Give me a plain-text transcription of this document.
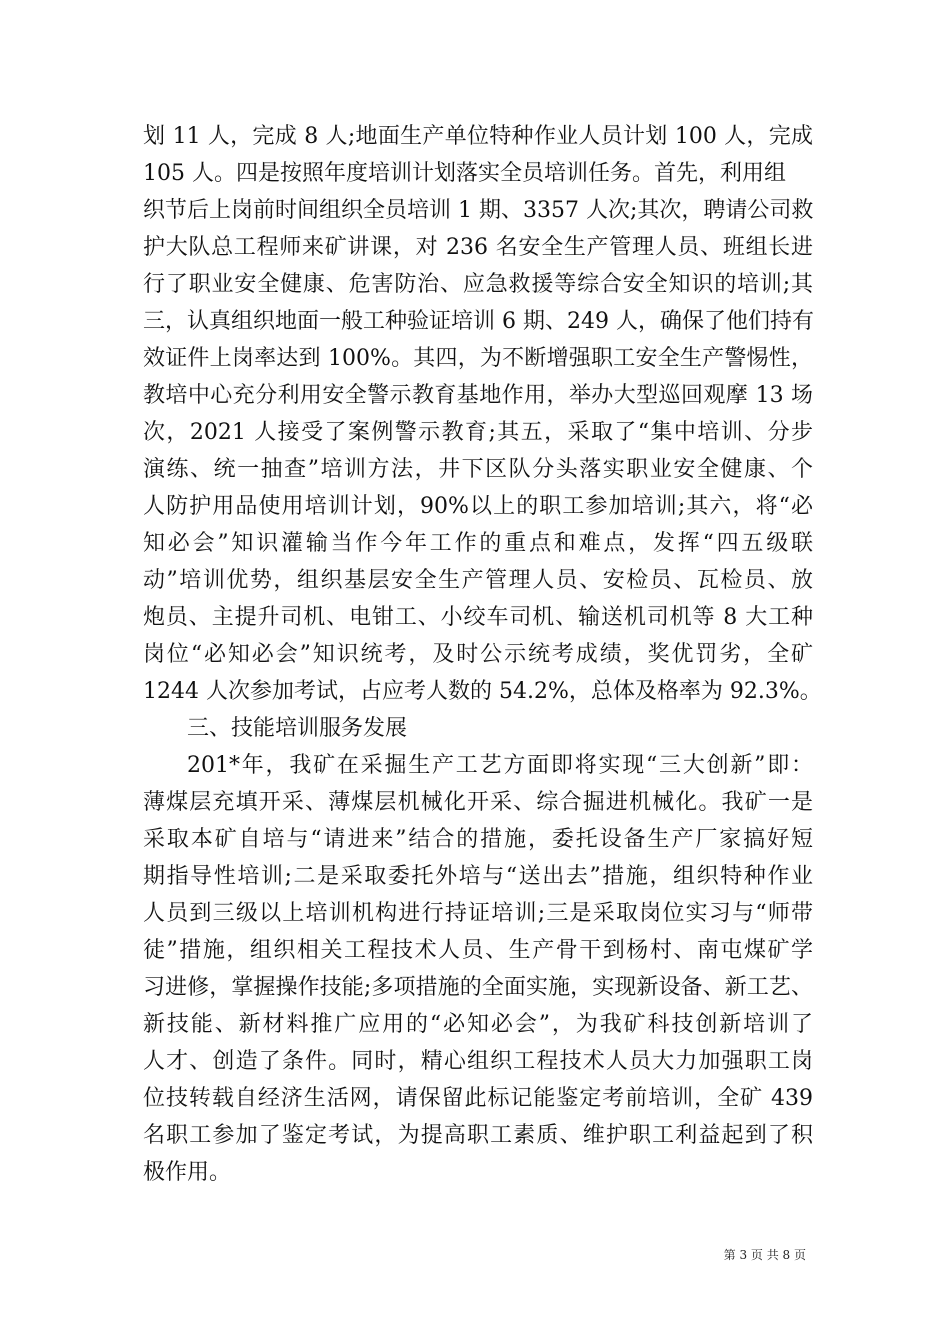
划 11 人，完成 8 人;地面生产单位特种作业人员计划 100 人，完成
105 人。四是按照年度培训计划落实全员培训任务。首先，利用组
织节后上岗前时间组织全员培训 1 期、3357 人次;其次，聘请公司救
护大队总工程师来矿讲课，对 236 名安全生产管理人员、班组长进
行了职业安全健康、危害防治、应急救援等综合安全知识的培训;其
三，认真组织地面一般工种验证培训 6 期、249 人，确保了他们持有
效证件上岗率达到 100%。其四，为不断增强职工安全生产警惕性，
教培中心充分利用安全警示教育基地作用，举办大型巡回观摩 13 场
次，2021 人接受了案例警示教育;其五，采取了“集中培训、分步
演练、统一抽查”培训方法，井下区队分头落实职业安全健康、个
人防护用品使用培训计划，90%以上的职工参加培训;其六，将“必
知必会”知识灌输当作今年工作的重点和难点，发挥“四五级联
动”培训优势，组织基层安全生产管理人员、安检员、瓦检员、放
炮员、主提升司机、电钳工、小绞车司机、输送机司机等 8 大工种
岗位“必知必会”知识统考，及时公示统考成绩，奖优罚劣，全矿
1244 人次参加考试，占应考人数的 54.2%，总体及格率为 92.3%。
三、技能培训服务发展
201*年，我矿在采掘生产工艺方面即将实现“三大创新”即：
薄煤层充填开采、薄煤层机械化开采、综合掘进机械化。我矿一是
采取本矿自培与“请进来”结合的措施，委托设备生产厂家搞好短
期指导性培训;二是采取委托外培与“送出去”措施，组织特种作业
人员到三级以上培训机构进行持证培训;三是采取岗位实习与“师带
徒”措施，组织相关工程技术人员、生产骨干到杨村、南屯煤矿学
习进修，掌握操作技能;多项措施的全面实施，实现新设备、新工艺、
新技能、新材料推广应用的“必知必会”，为我矿科技创新培训了
人才、创造了条件。同时，精心组织工程技术人员大力加强职工岗
位技转载自经济生活网，请保留此标记能鉴定考前培训，全矿 439
名职工参加了鉴定考试，为提高职工素质、维护职工利益起到了积
极作用。
第 3 页 共 8 页
